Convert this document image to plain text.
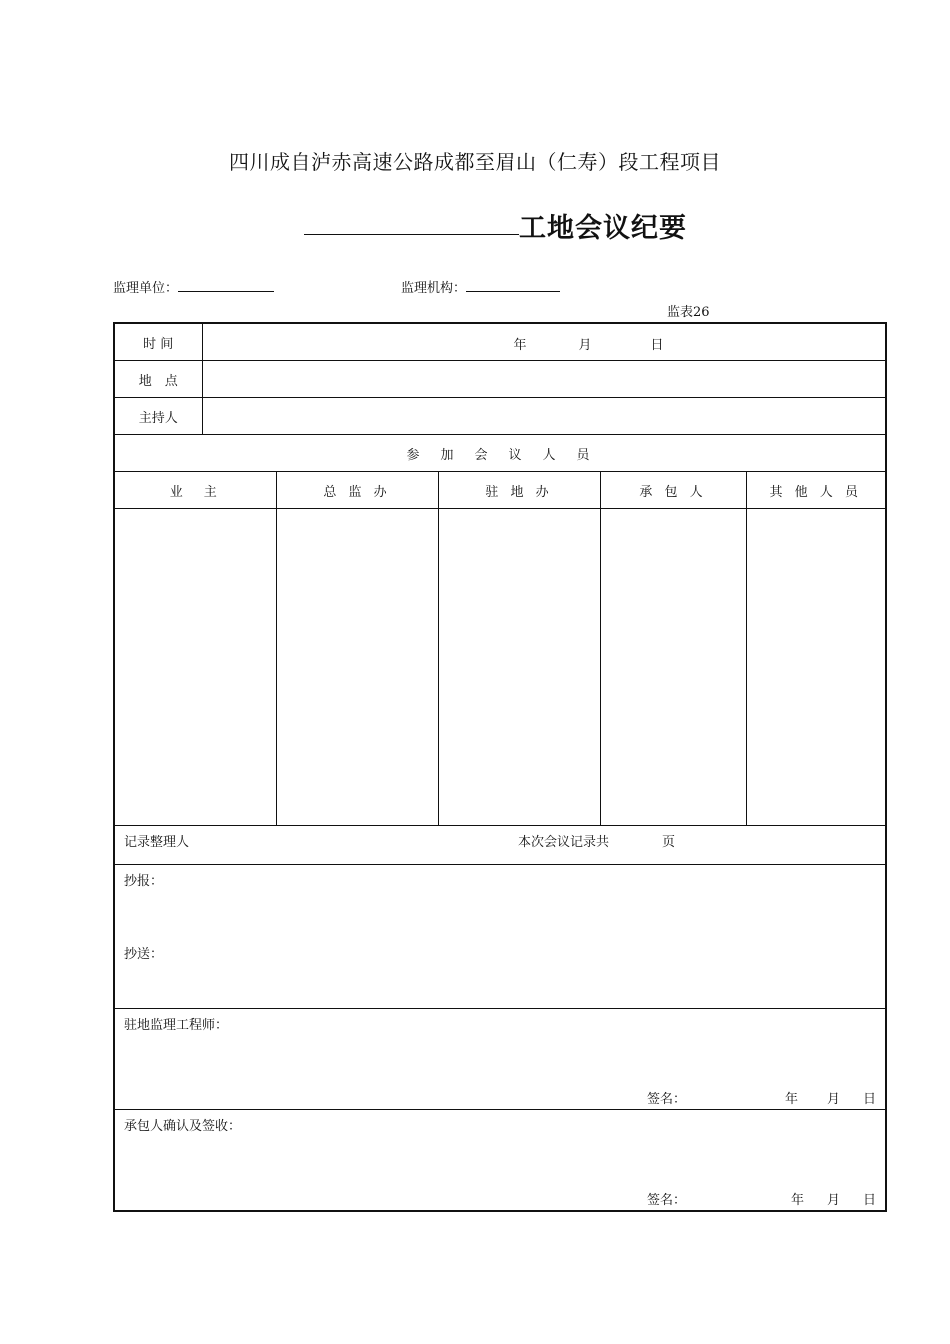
四川成自泸赤高速公路成都至眉山（仁寿）段工程项目
工地会议纪要
监理单位：	监理机构：
监表26
时 间	年 月 日				

地　点					
主持人					
参　加　会　议　人　员					
业　主		总 监 办	驻 地 办	承 包 人	其 他 人 员

记录整理人 本次会议记录共 页					

抄报：
抄送：					

驻地监理工程师：
签名： 年 月 日					

承包人确认及签收：
签名： 年 月 日					
